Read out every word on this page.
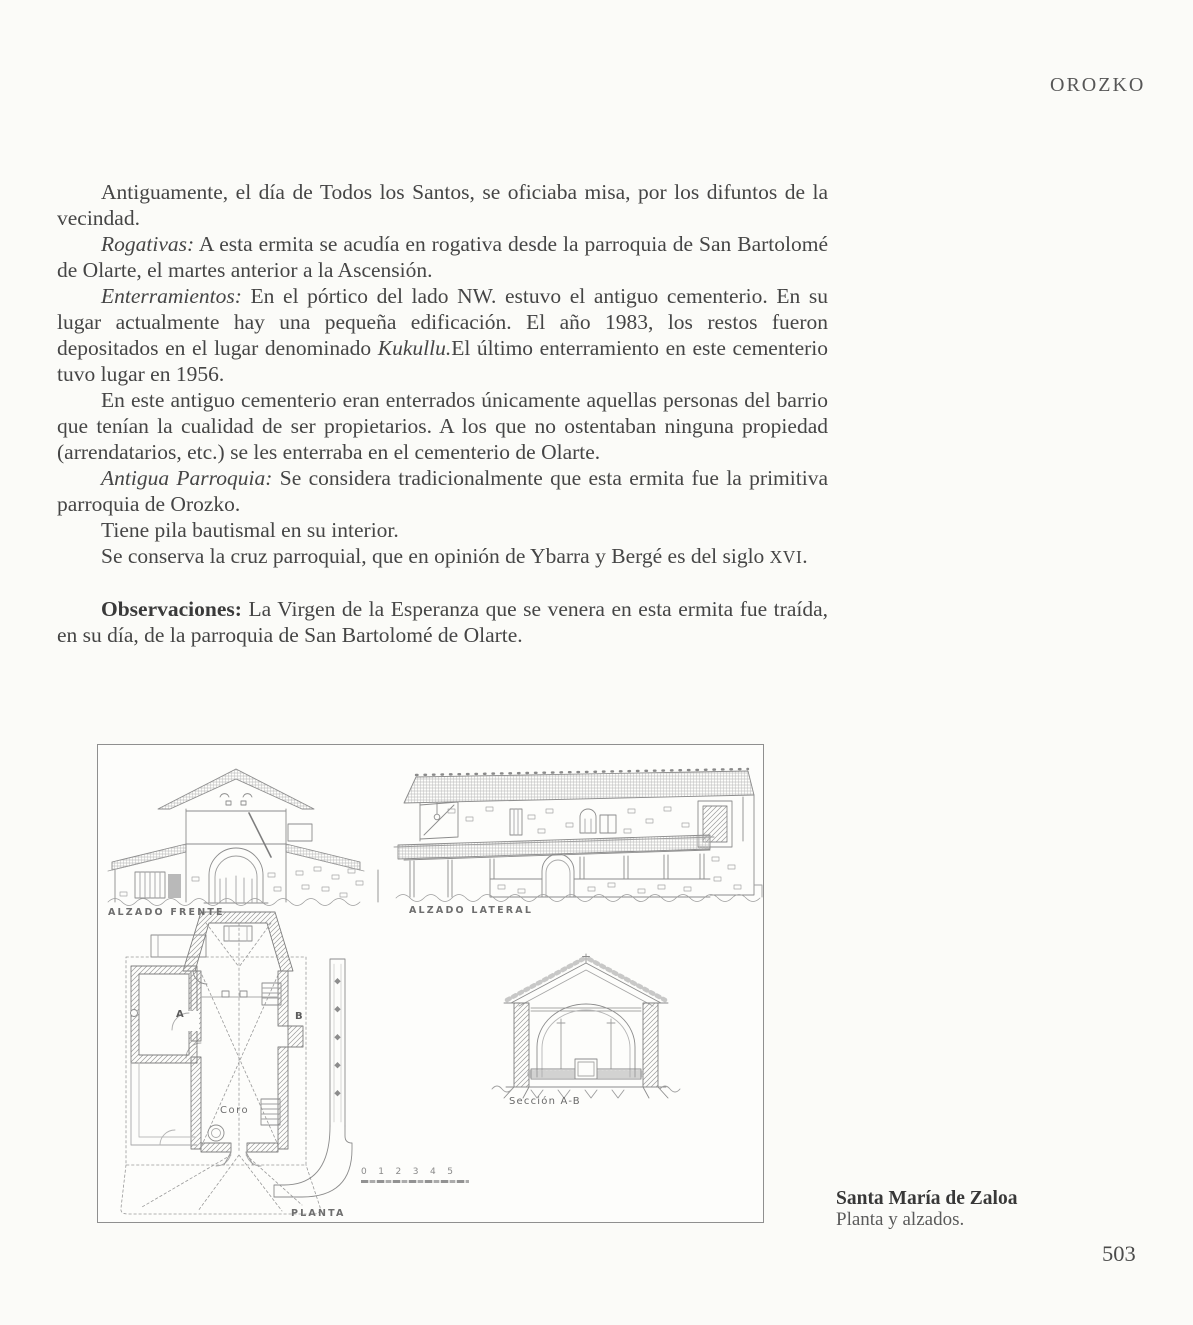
OROZKO

Antiguamente, el día de Todos los Santos, se oficiaba misa, por los difuntos de la vecindad.

Rogativas: A esta ermita se acudía en rogativa desde la parroquia de San Bartolomé de Olarte, el martes anterior a la Ascensión.

Enterramientos: En el pórtico del lado NW. estuvo el antiguo cementerio. En su lugar actualmente hay una pequeña edificación. El año 1983, los restos fueron depositados en el lugar denominado Kukullu.El último enterramiento en este cementerio tuvo lugar en 1956.

En este antiguo cementerio eran enterrados únicamente aquellas personas del barrio que tenían la cualidad de ser propietarios. A los que no ostentaban ninguna propiedad (arrendatarios, etc.) se les enterraba en el cementerio de Olarte.

Antigua Parroquia: Se considera tradicionalmente que esta ermita fue la primitiva parroquia de Orozko.

Tiene pila bautismal en su interior.

Se conserva la cruz parroquial, que en opinión de Ybarra y Bergé es del siglo XVI.

Observaciones: La Virgen de la Esperanza que se venera en esta ermita fue traída, en su día, de la parroquia de San Bartolomé de Olarte.

ALZADO FRENTE	ALZADO LATERAL
PLANTA
Sección A-B
Coro
A	B
0 1 2 3 4 5
Santa María de Zaloa
Planta y alzados.
503
